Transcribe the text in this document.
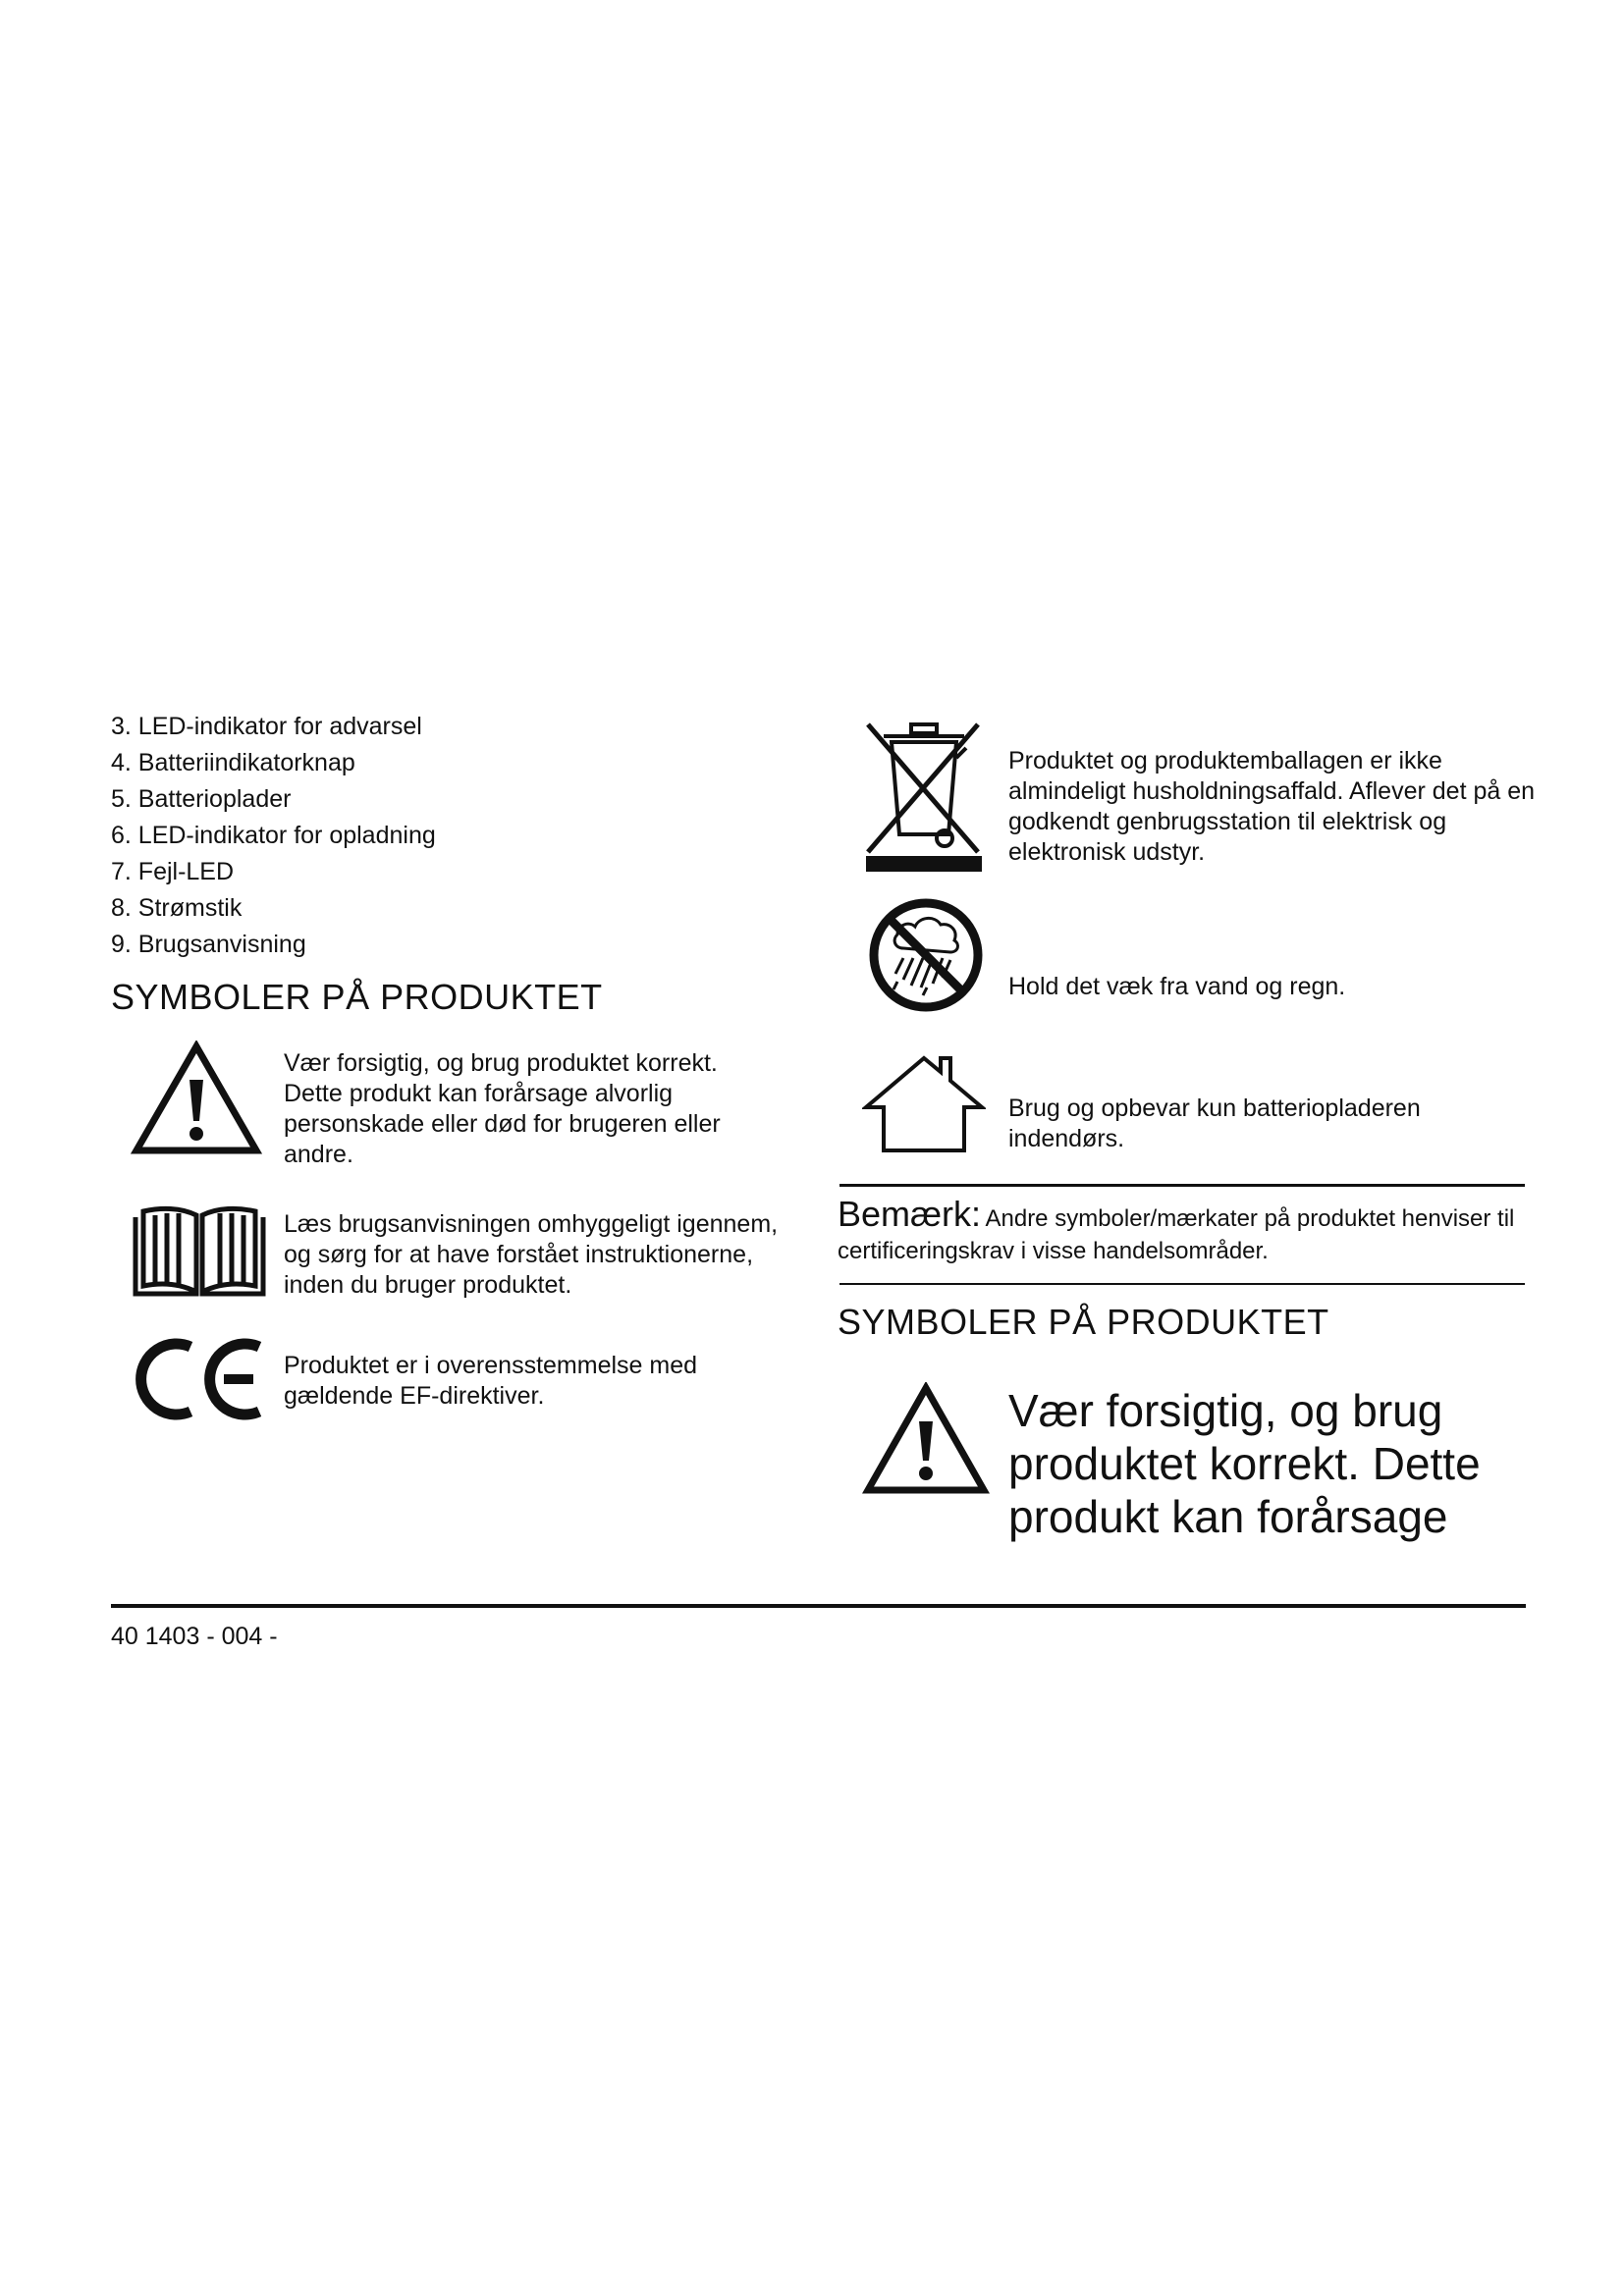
3. LED-indikator for advarsel
4. Batteriindikatorknap
5. Batterioplader
6. LED-indikator for opladning
7. Fejl-LED
8. Strømstik
9. Brugsanvisning
SYMBOLER PÅ PRODUKTET
Vær forsigtig, og brug produktet korrekt. Dette produkt kan forårsage alvorlig personskade eller død for brugeren eller andre.
Læs brugsanvisningen omhyggeligt igennem, og sørg for at have forstået instruktionerne, inden du bruger produktet.
Produktet er i overensstemmelse med gældende EF-direktiver.
Produktet og produktemballagen er ikke almindeligt husholdningsaffald. Aflever det på en godkendt genbrugsstation til elektrisk og elektronisk udstyr.
Hold det væk fra vand og regn.
Brug og opbevar kun batteriopladeren indendørs.
Bemærk: Andre symboler/mærkater på produktet henviser til certificeringskrav i visse handelsområder.
SYMBOLER PÅ PRODUKTET
Vær forsigtig, og brug produktet korrekt. Dette produkt kan forårsage
40 1403 - 004 -
